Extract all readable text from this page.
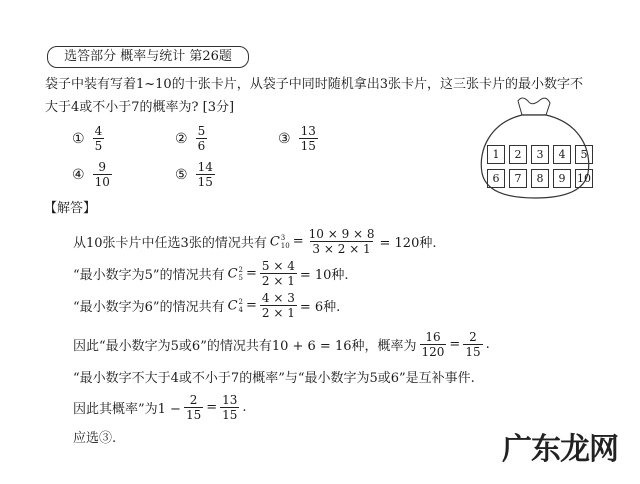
选答部分 概率与统计 第26题
袋子中装有写着1~10的十张卡片，从袋子中同时随机拿出3张卡片，这三张卡片的最小数字不
大于4或不小于7的概率为? [3分]
① $\frac{4}{5}$	② $\frac{5}{6}$	③ $\frac{13}{15}$
④ $\frac{9}{10}$	⑤ $\frac{14}{15}$
1	2	3	4	5
6	7	8	9	10
【解答】
从10张卡片中任选3张的情况共有 C 3
$10 = \frac{10 \times 9 \times 8}{3 \times 2 \times 1} = 120$种.
“最小数字为5”的情况共有 C 2
$5 = \frac{5 \times 4}{2 \times 1} = 10$种.
“最小数字为6”的情况共有 C 2
$4 = \frac{4 \times 3}{2 \times 1} = 6$种.
因此“最小数字为5或6”的情况共有10 + 6 = 16种，概率为 $\frac{16}{120} = \frac{2}{15}$ .
“最小数字不大于4或不小于7的概率”与“最小数字为5或6”是互补事件.
因此其概率”为$1 - \frac{2}{15} = \frac{13}{15}$ .
应选③.	广东龙网
